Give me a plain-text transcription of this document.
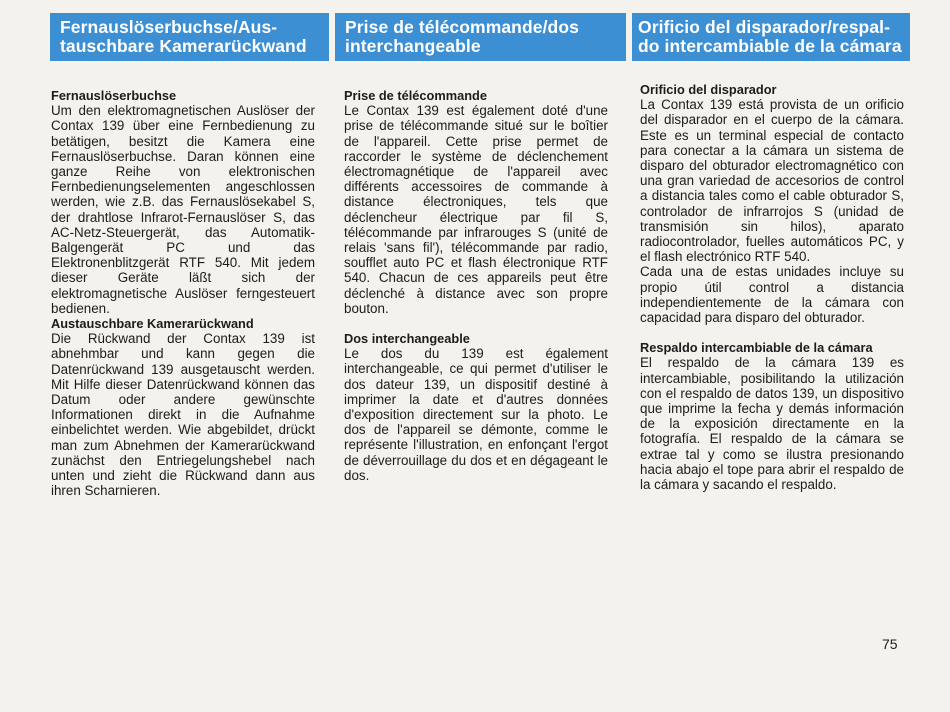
Fernauslöserbuchse/Aus-
tauschbare Kamerarückwand
Prise de télécommande/dos
interchangeable
Orificio del disparador/respal-
do intercambiable de la cámara
Fernauslöserbuchse
Um den elektromagnetischen Auslöser der Contax 139 über eine Fernbedienung zu betätigen, besitzt die Kamera eine Fernauslöserbuchse. Daran können eine ganze Reihe von elektronischen Fernbedienungselementen angeschlossen werden, wie z.B. das Fernauslösekabel S, der drahtlose Infrarot-Fernauslöser S, das AC-Netz-Steuergerät, das Automatik-Balgengerät PC und das Elektronenblitzgerät RTF 540. Mit jedem dieser Geräte läßt sich der elektromagnetische Auslöser ferngesteuert bedienen.
Austauschbare Kamerarückwand
Die Rückwand der Contax 139 ist abnehmbar und kann gegen die Datenrückwand 139 ausgetauscht werden. Mit Hilfe dieser Datenrückwand können das Datum oder andere gewünschte Informationen direkt in die Aufnahme einbelichtet werden. Wie abgebildet, drückt man zum Abnehmen der Kamerarückwand zunächst den Entriegelungshebel nach unten und zieht die Rückwand dann aus ihren Scharnieren.
Prise de télécommande
Le Contax 139 est également doté d'une prise de télécommande situé sur le boîtier de l'appareil. Cette prise permet de raccorder le système de déclenchement électromagnétique de l'appareil avec différents accessoires de commande à distance électroniques, tels que déclencheur électrique par fil S, télécommande par infrarouges S (unité de relais 'sans fil'), télécommande par radio, soufflet auto PC et flash électronique RTF 540. Chacun de ces appareils peut être déclenché à distance avec son propre bouton.
Dos interchangeable
Le dos du 139 est également interchangeable, ce qui permet d'utiliser le dos dateur 139, un dispositif destiné à imprimer la date et d'autres données d'exposition directement sur la photo. Le dos de l'appareil se démonte, comme le représente l'illustration, en enfonçant l'ergot de déverrouillage du dos et en dégageant le dos.
Orificio del disparador
La Contax 139 está provista de un orificio del disparador en el cuerpo de la cámara. Este es un terminal especial de contacto para conectar a la cámara un sistema de disparo del obturador electromagnético con una gran variedad de accesorios de control a distancia tales como el cable obturador S, controlador de infrarrojos S (unidad de transmisión sin hilos), aparato radiocontrolador, fuelles automáticos PC, y el flash electrónico RTF 540.
Cada una de estas unidades incluye su propio útil control a distancia independientemente de la cámara con capacidad para disparo del obturador.
Respaldo intercambiable de la cámara
El respaldo de la cámara 139 es intercambiable, posibilitando la utilización con el respaldo de datos 139, un dispositivo que imprime la fecha y demás información de la exposición directamente en la fotografía. El respaldo de la cámara se extrae tal y como se ilustra presionando hacia abajo el tope para abrir el respaldo de la cámara y sacando el respaldo.
75
